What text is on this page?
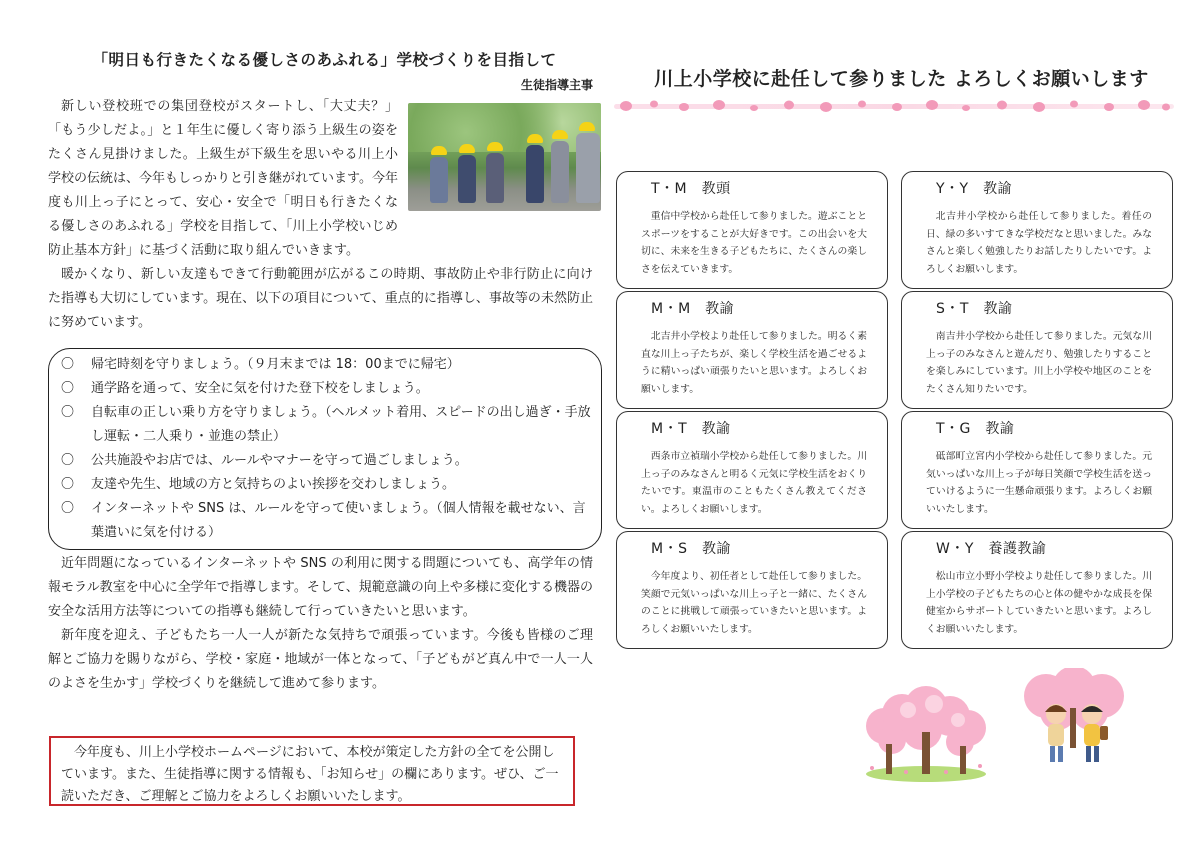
「明日も行きたくなる優しさのあふれる」学校づくりを目指して
生徒指導主事

新しい登校班での集団登校がスタートし、「大丈夫？」「もう少しだよ。」と１年生に優しく寄り添う上級生の姿をたくさん見掛けました。上級生が下級生を思いやる川上小学校の伝統は、今年もしっかりと引き継がれています。今年度も川上っ子にとって、安心・安全で「明日も行きたくなる優しさのあふれる」学校を目指して、「川上小学校いじめ防止基本方針」に基づく活動に取り組んでいきます。

暖かくなり、新しい友達もできて行動範囲が広がるこの時期、事故防止や非行防止に向けた指導も大切にしています。現在、以下の項目について、重点的に指導し、事故等の未然防止に努めています。

〇	帰宅時刻を守りましょう。（９月末までは 18：00までに帰宅）
〇	通学路を通って、安全に気を付けた登下校をしましょう。
〇	自転車の正しい乗り方を守りましょう。（ヘルメット着用、スピードの出し過ぎ・手放し運転・二人乗り・並進の禁止）
〇	公共施設やお店では、ルールやマナーを守って過ごしましょう。
〇	友達や先生、地域の方と気持ちのよい挨拶を交わしましょう。
〇	インターネットや SNS は、ルールを守って使いましょう。（個人情報を載せない、言葉遣いに気を付ける）

近年問題になっているインターネットや SNS の利用に関する問題についても、高学年の情報モラル教室を中心に全学年で指導します。そして、規範意識の向上や多様に変化する機器の安全な活用方法等についての指導も継続して行っていきたいと思います。

新年度を迎え、子どもたち一人一人が新たな気持ちで頑張っています。今後も皆様のご理解とご協力を賜りながら、学校・家庭・地域が一体となって、「子どもがど真ん中で一人一人のよさを生かす」学校づくりを継続して進めて参ります。

今年度も、川上小学校ホームページにおいて、本校が策定した方針の全てを公開しています。また、生徒指導に関する情報も、「お知らせ」の欄にあります。ぜひ、ご一読いただき、ご理解とご協力をよろしくお願いいたします。
川上小学校に赴任して参りました よろしくお願いします
T・M　教頭
重信中学校から赴任して参りました。遊ぶこととスポーツをすることが大好きです。この出会いを大切に、未来を生きる子どもたちに、たくさんの楽しさを伝えていきます。
Y・Y　教諭
北吉井小学校から赴任して参りました。着任の日、緑の多いすてきな学校だなと思いました。みなさんと楽しく勉強したりお話したりしたいです。よろしくお願いします。
M・M　教諭
北吉井小学校より赴任して参りました。明るく素直な川上っ子たちが、楽しく学校生活を過ごせるように精いっぱい頑張りたいと思います。よろしくお願いします。
S・T　教諭
南吉井小学校から赴任して参りました。元気な川上っ子のみなさんと遊んだり、勉強したりすることを楽しみにしています。川上小学校や地区のことをたくさん知りたいです。
M・T　教諭
西条市立禎瑞小学校から赴任して参りました。川上っ子のみなさんと明るく元気に学校生活をおくりたいです。東温市のこともたくさん教えてください。よろしくお願いします。
T・G　教諭
砥部町立宮内小学校から赴任して参りました。元気いっぱいな川上っ子が毎日笑顔で学校生活を送っていけるように一生懸命頑張ります。よろしくお願いいたします。
M・S　教諭
今年度より、初任者として赴任して参りました。笑顔で元気いっぱいな川上っ子と一緒に、たくさんのことに挑戦して頑張っていきたいと思います。よろしくお願いいたします。
W・Y　養護教諭
松山市立小野小学校より赴任して参りました。川上小学校の子どもたちの心と体の健やかな成長を保健室からサポートしていきたいと思います。よろしくお願いいたします。
